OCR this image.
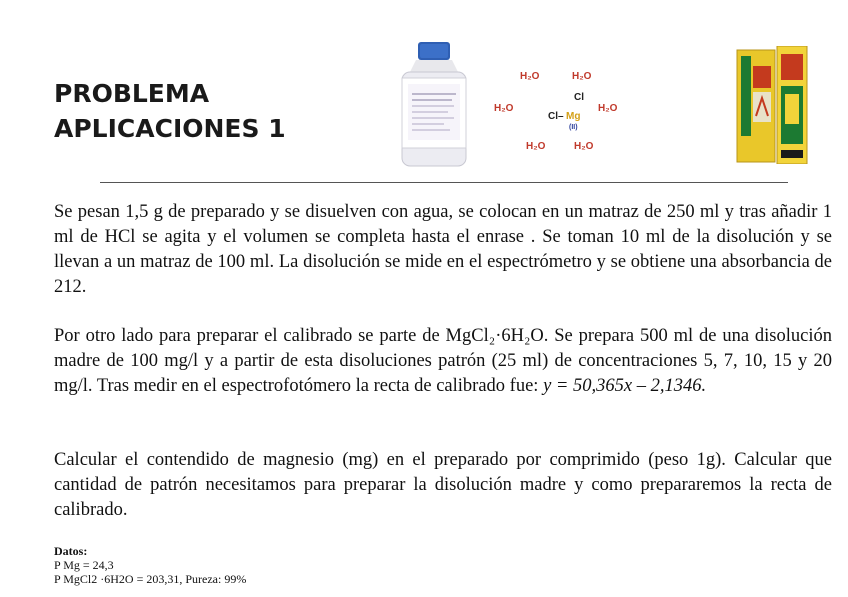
PROBLEMA
APLICACIONES 1
H₂O	H₂O
H₂O	H₂O
H₂O	H₂O
Cl
Cl– Mg
(II)
Se pesan 1,5 g de preparado y se disuelven con agua, se colocan en un matraz de 250 ml y tras añadir 1 ml de HCl se agita y el volumen se completa hasta el enrase . Se toman 10 ml de la disolución y se llevan a un matraz de 100 ml. La disolución se mide en el espectrómetro y se obtiene una absorbancia de 212.
Por otro lado para preparar el calibrado se parte de MgCl₂·6H₂O. Se prepara 500 ml de una disolución madre de 100 mg/l y a partir de esta disoluciones patrón (25 ml) de concentraciones 5, 7, 10, 15 y 20 mg/l. Tras medir en el espectrofotómero la recta de calibrado fue: y = 50,365x – 2,1346.
Calcular el contendido de magnesio (mg) en el preparado por comprimido (peso 1g). Calcular que cantidad de patrón necesitamos para preparar la disolución madre y como prepararemos la recta de calibrado.
Datos:
P Mg = 24,3
P MgCl2 ·6H2O = 203,31, Pureza: 99%
